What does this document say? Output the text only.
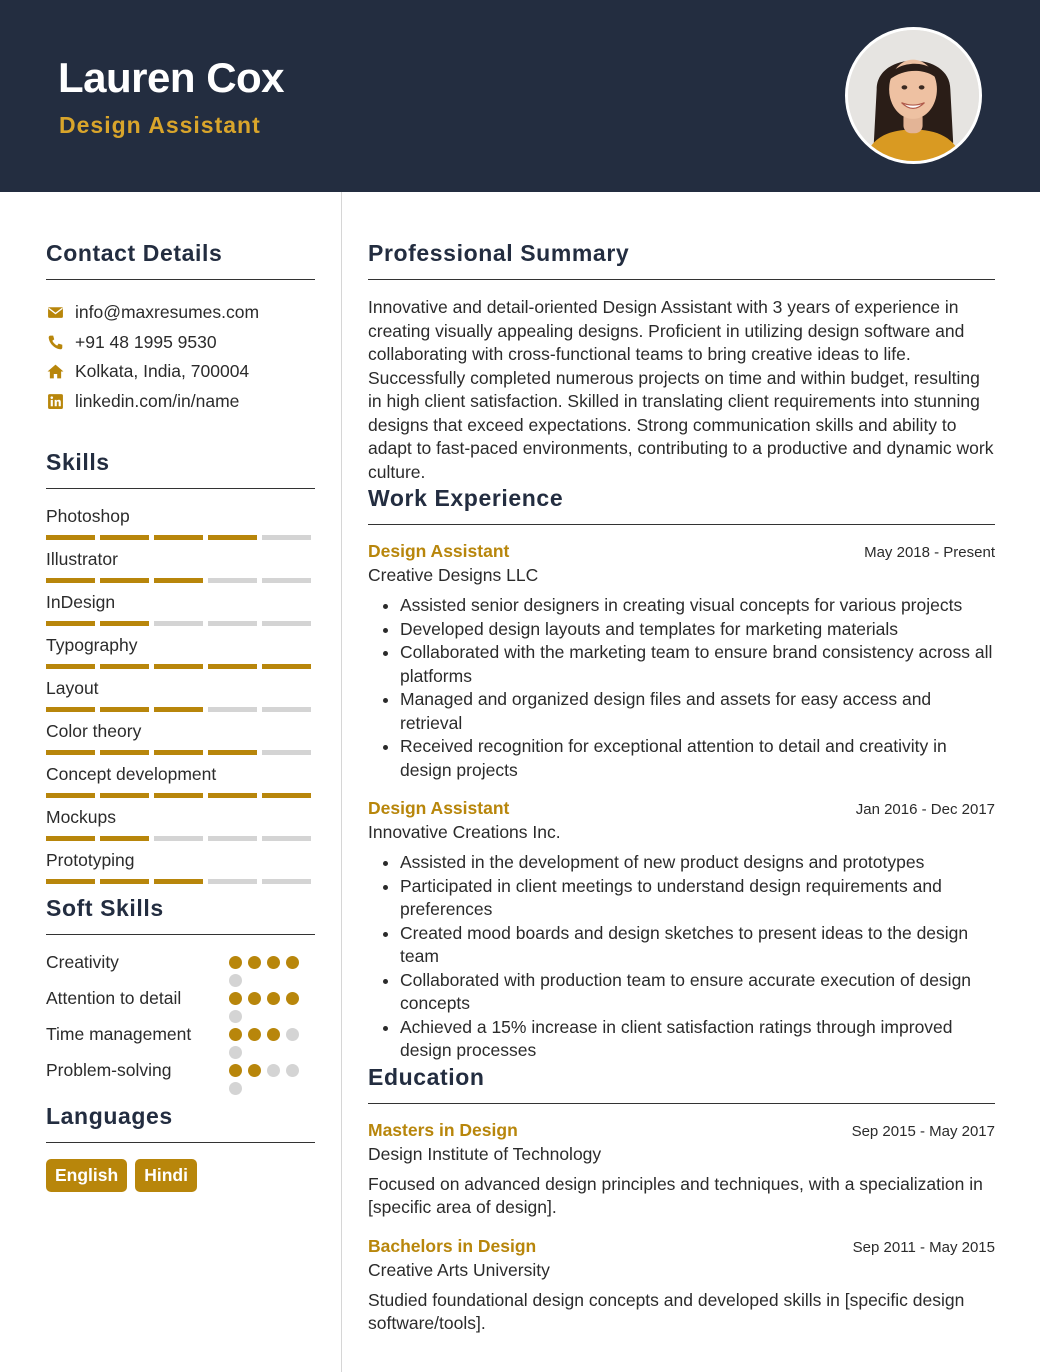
Lauren Cox
Design Assistant
Contact Details
info@maxresumes.com
+91 48 1995 9530
Kolkata, India, 700004
linkedin.com/in/name
Skills
Photoshop
Illustrator
InDesign
Typography
Layout
Color theory
Concept development
Mockups
Prototyping
Soft Skills
Creativity
Attention to detail
Time management
Problem-solving
Languages
English	Hindi
Professional Summary
Innovative and detail-oriented Design Assistant with 3 years of experience in creating visually appealing designs. Proficient in utilizing design software and collaborating with cross-functional teams to bring creative ideas to life. Successfully completed numerous projects on time and within budget, resulting in high client satisfaction. Skilled in translating client requirements into stunning designs that exceed expectations. Strong communication skills and ability to adapt to fast-paced environments, contributing to a productive and dynamic work culture.
Work Experience
Design Assistant	May 2018 - Present
Creative Designs LLC
• Assisted senior designers in creating visual concepts for various projects
• Developed design layouts and templates for marketing materials
• Collaborated with the marketing team to ensure brand consistency across all platforms
• Managed and organized design files and assets for easy access and retrieval
• Received recognition for exceptional attention to detail and creativity in design projects
Design Assistant	Jan 2016 - Dec 2017
Innovative Creations Inc.
• Assisted in the development of new product designs and prototypes
• Participated in client meetings to understand design requirements and preferences
• Created mood boards and design sketches to present ideas to the design team
• Collaborated with production team to ensure accurate execution of design concepts
• Achieved a 15% increase in client satisfaction ratings through improved design processes
Education
Masters in Design	Sep 2015 - May 2017
Design Institute of Technology
Focused on advanced design principles and techniques, with a specialization in [specific area of design].
Bachelors in Design	Sep 2011 - May 2015
Creative Arts University
Studied foundational design concepts and developed skills in [specific design software/tools].
